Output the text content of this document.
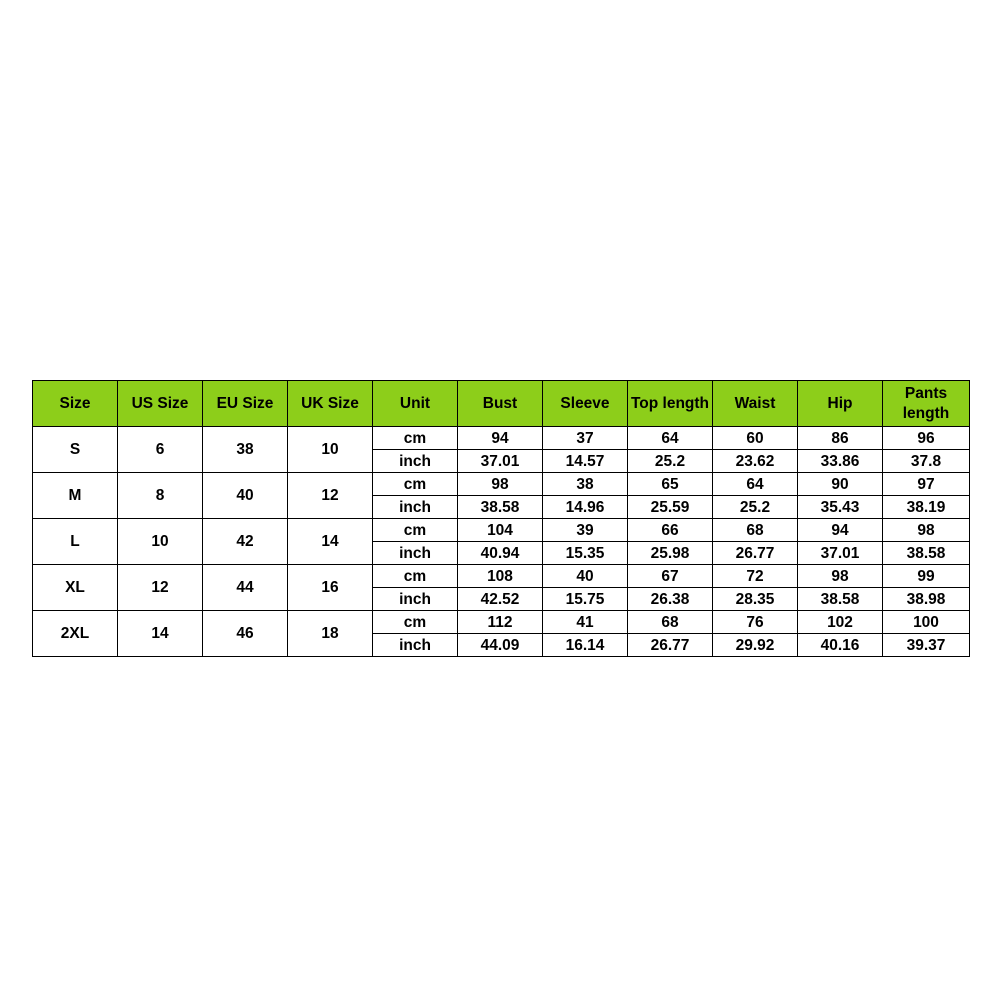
Size	US Size	EU Size	UK Size	Unit	Bust	Sleeve	Top length	Waist	Hip	Pants length
S	6	38	10	cm	94	37	64	60	86	96
				inch	37.01	14.57	25.2	23.62	33.86	37.8
M	8	40	12	cm	98	38	65	64	90	97
				inch	38.58	14.96	25.59	25.2	35.43	38.19
L	10	42	14	cm	104	39	66	68	94	98
				inch	40.94	15.35	25.98	26.77	37.01	38.58
XL	12	44	16	cm	108	40	67	72	98	99
				inch	42.52	15.75	26.38	28.35	38.58	38.98
2XL	14	46	18	cm	112	41	68	76	102	100
				inch	44.09	16.14	26.77	29.92	40.16	39.37
